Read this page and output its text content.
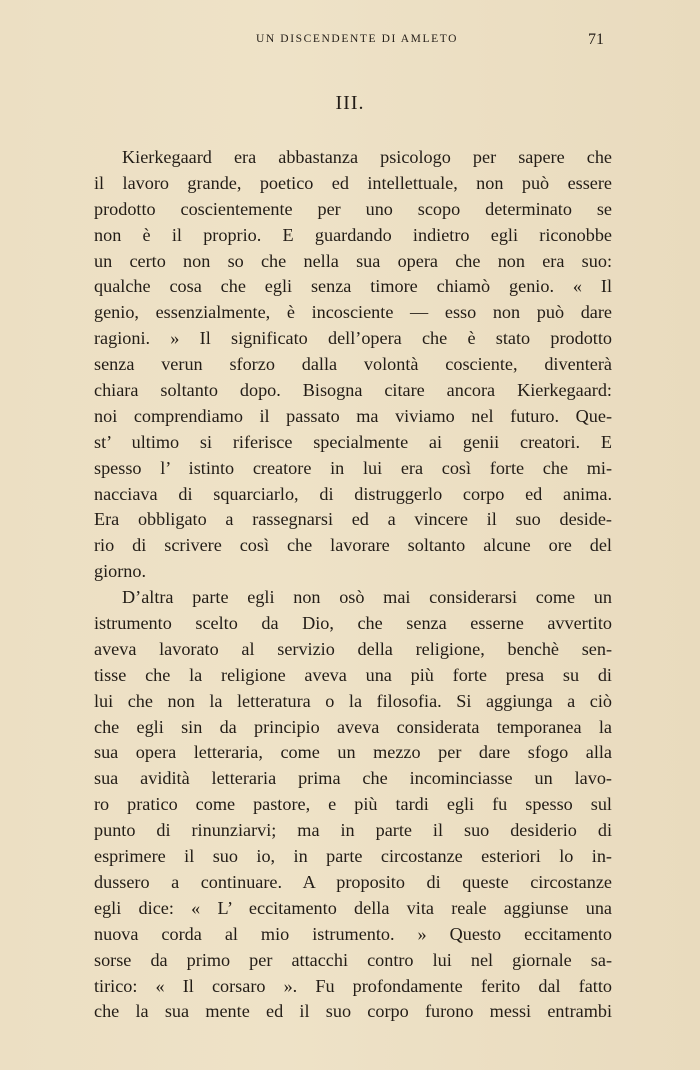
UN DISCENDENTE DI AMLETO	71
III.
Kierkegaard era abbastanza psicologo per sapere che
il lavoro grande, poetico ed intellettuale, non può essere
prodotto coscientemente per uno scopo determinato se
non è il proprio. E guardando indietro egli riconobbe
un certo non so che nella sua opera che non era suo:
qualche cosa che egli senza timore chiamò genio. « Il
genio, essenzialmente, è incosciente — esso non può dare
ragioni. » Il significato dell’opera che è stato prodotto
senza verun sforzo dalla volontà cosciente, diventerà
chiara soltanto dopo. Bisogna citare ancora Kierkegaard:
noi comprendiamo il passato ma viviamo nel futuro. Que-
st’ ultimo si riferisce specialmente ai genii creatori. E
spesso l’ istinto creatore in lui era così forte che mi-
nacciava di squarciarlo, di distruggerlo corpo ed anima.
Era obbligato a rassegnarsi ed a vincere il suo deside-
rio di scrivere così che lavorare soltanto alcune ore del
giorno.
D’altra parte egli non osò mai considerarsi come un
istrumento scelto da Dio, che senza esserne avvertito
aveva lavorato al servizio della religione, benchè sen-
tisse che la religione aveva una più forte presa su di
lui che non la letteratura o la filosofia. Si aggiunga a ciò
che egli sin da principio aveva considerata temporanea la
sua opera letteraria, come un mezzo per dare sfogo alla
sua avidità letteraria prima che incominciasse un lavo-
ro pratico come pastore, e più tardi egli fu spesso sul
punto di rinunziarvi; ma in parte il suo desiderio di
esprimere il suo io, in parte circostanze esteriori lo in-
dussero a continuare. A proposito di queste circostanze
egli dice: « L’ eccitamento della vita reale aggiunse una
nuova corda al mio istrumento. » Questo eccitamento
sorse da primo per attacchi contro lui nel giornale sa-
tirico: « Il corsaro ». Fu profondamente ferito dal fatto
che la sua mente ed il suo corpo furono messi entrambi
